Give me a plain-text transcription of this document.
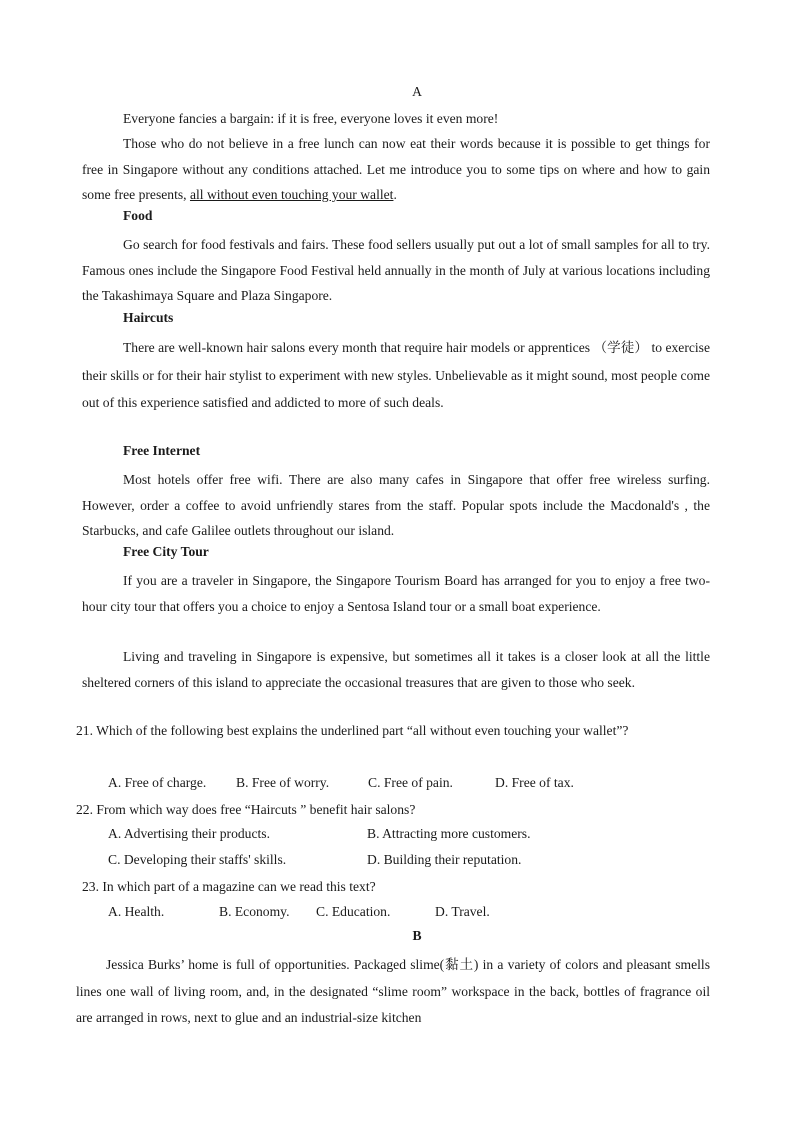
A

Everyone fancies a bargain: if it is free, everyone loves it even more!

Those who do not believe in a free lunch can now eat their words because it is possible to get things for free in Singapore without any conditions attached. Let me introduce you to some tips on where and how to gain some free presents, all without even touching your wallet.

Food

Go search for food festivals and fairs. These food sellers usually put out a lot of small samples for all to try. Famous ones include the Singapore Food Festival held annually in the month of July at various locations including the Takashimaya Square and Plaza Singapore.

Haircuts

There are well-known hair salons every month that require hair models or apprentices （学徒） to exercise their skills or for their hair stylist to experiment with new styles. Unbelievable as it might sound, most people come out of this experience satisfied and addicted to more of such deals.

Free Internet

Most hotels offer free wifi. There are also many cafes in Singapore that offer free wireless surfing. However, order a coffee to avoid unfriendly stares from the staff. Popular spots include the Macdonald's , the Starbucks, and cafe Galilee outlets throughout our island.

Free City Tour

If you are a traveler in Singapore, the Singapore Tourism Board has arranged for you to enjoy a free two-hour city tour that offers you a choice to enjoy a Sentosa Island tour or a small boat experience.

Living and traveling in Singapore is expensive, but sometimes all it takes is a closer look at all the little sheltered corners of this island to appreciate the occasional treasures that are given to those who seek.

21. Which of the following best explains the underlined part “all without even touching your wallet”?

A. Free of charge. B. Free of worry.	C. Free of pain.	D. Free of tax.

22. From which way does free “Haircuts ” benefit hair salons?

A. Advertising their products.	B. Attracting more customers.
C. Developing their staffs' skills.	D. Building their reputation.

23. In which part of a magazine can we read this text?

A. Health.	B. Economy. C. Education.	D. Travel.

B

Jessica Burks’ home is full of opportunities. Packaged slime(黏土) in a variety of colors and pleasant smells lines one wall of living room, and, in the designated “slime room” workspace in the back, bottles of fragrance oil are arranged in rows, next to glue and an industrial-size kitchen
